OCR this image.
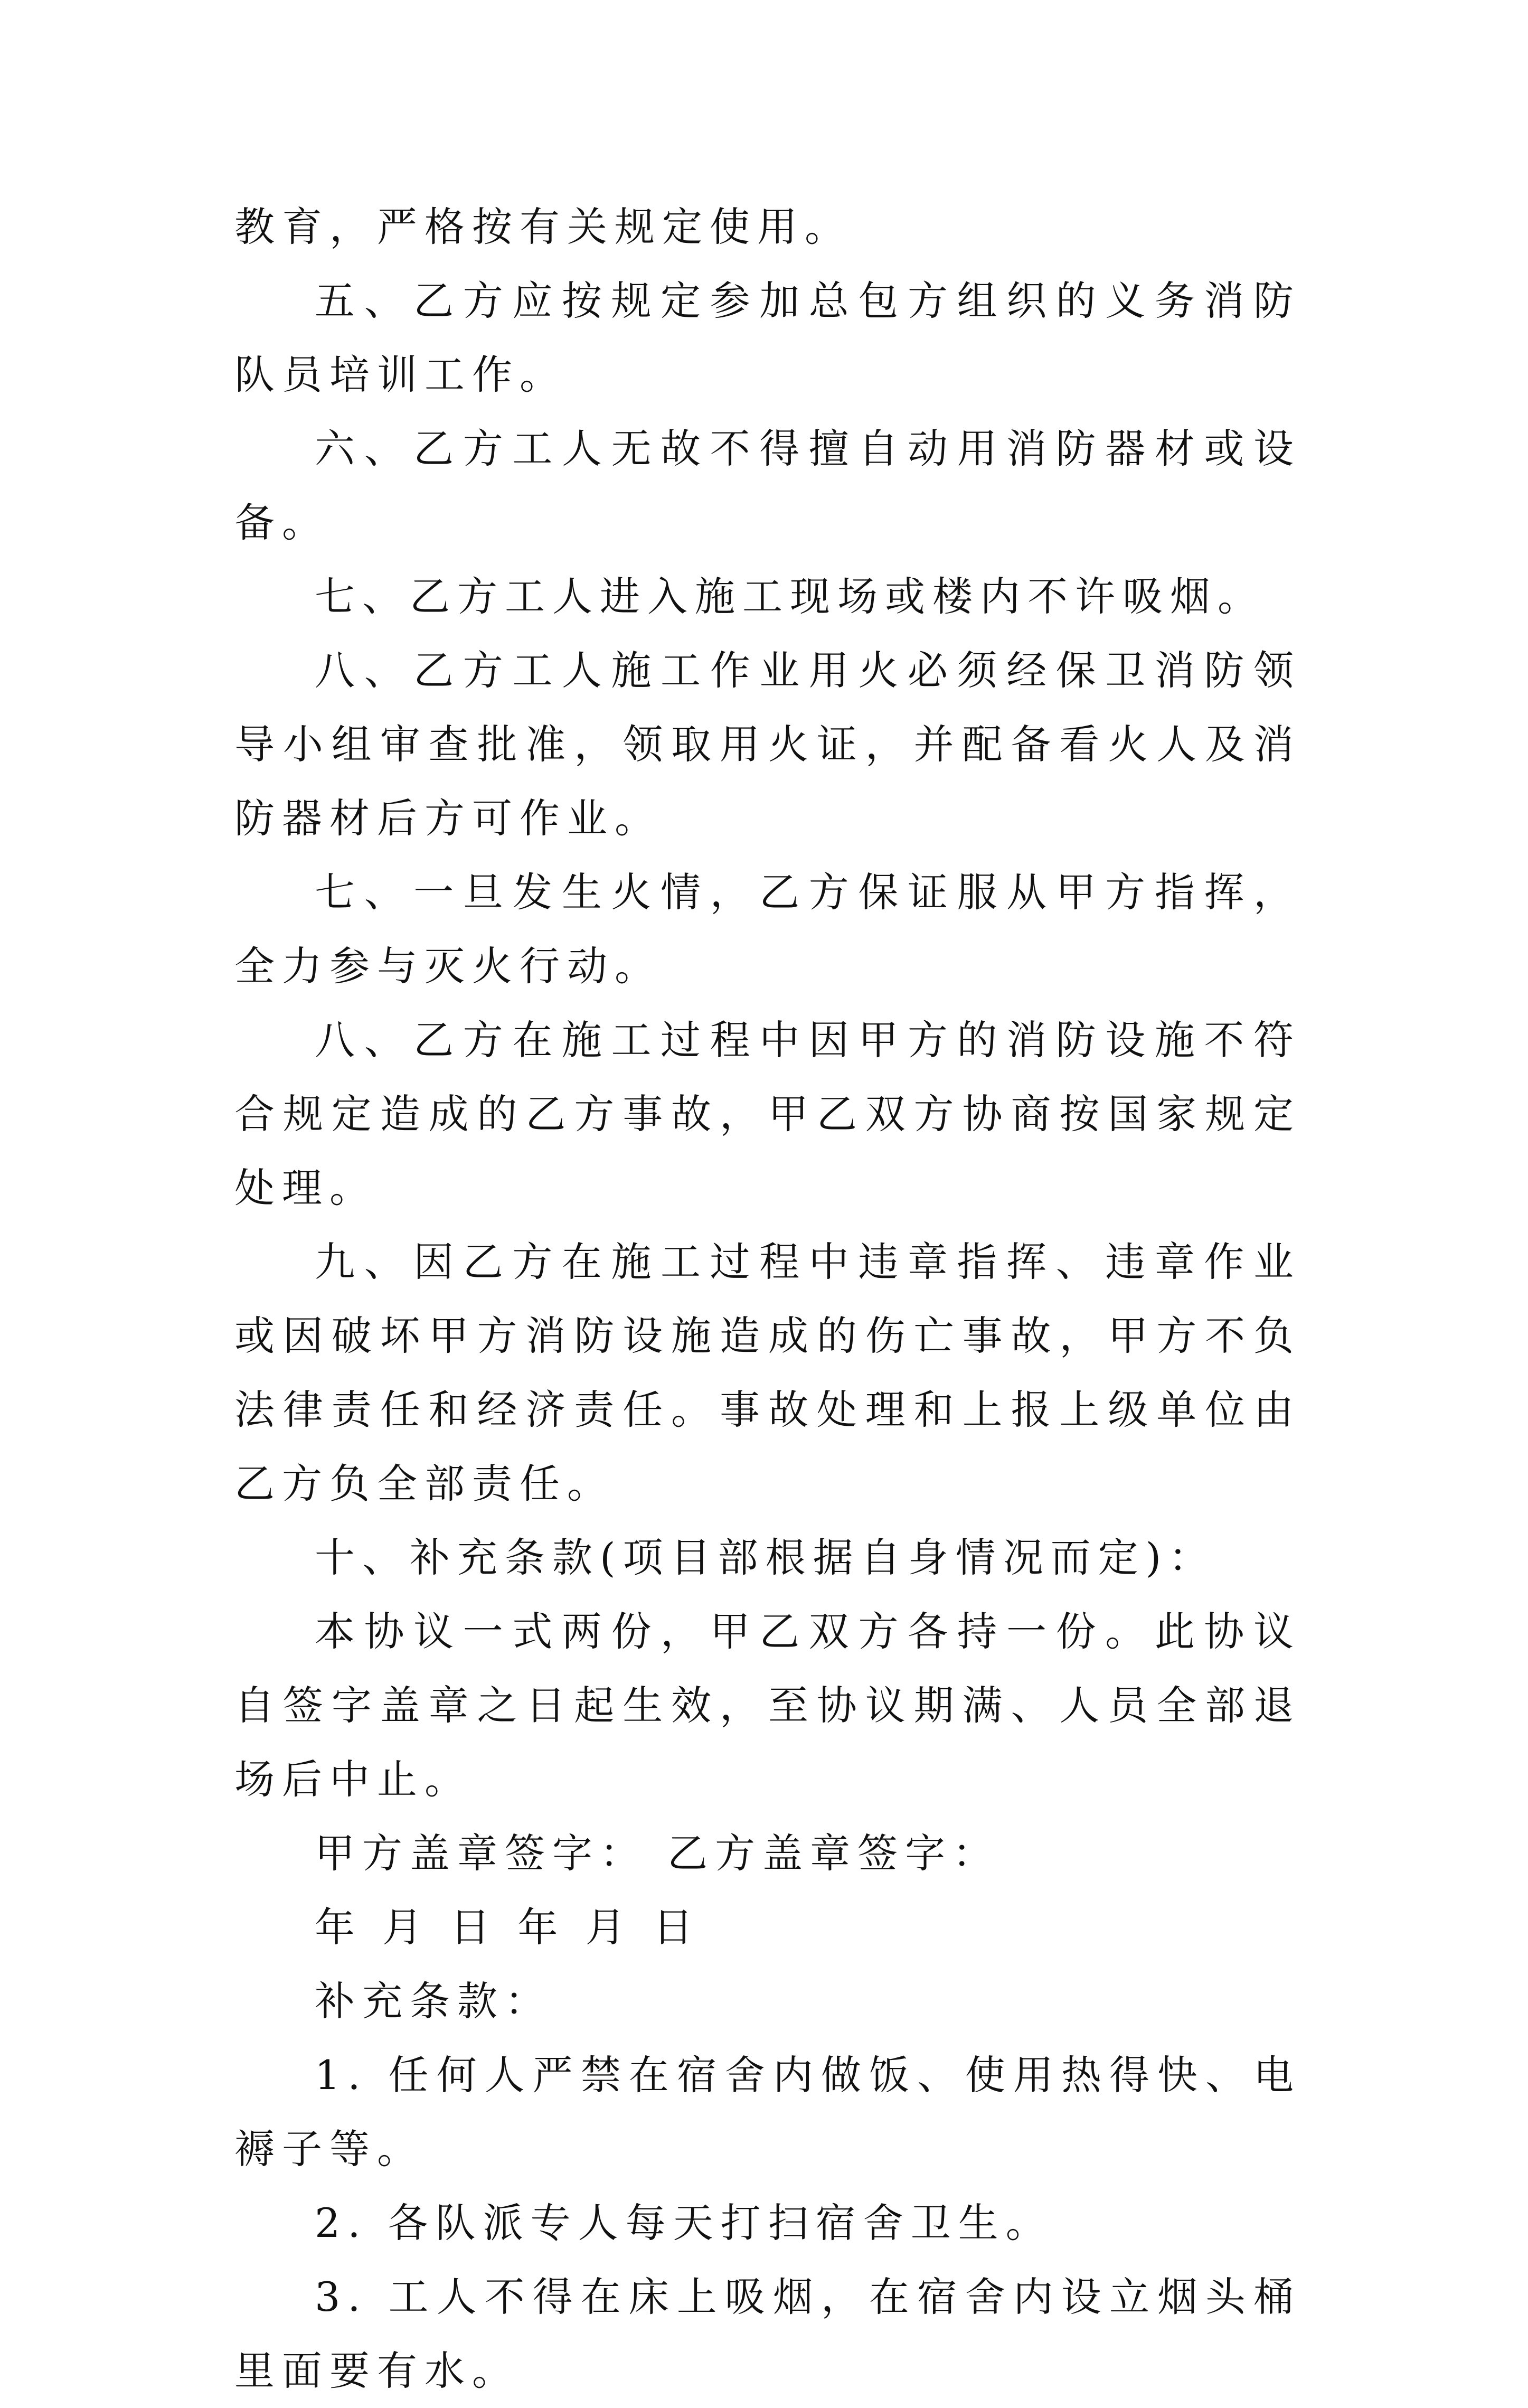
教育，严格按有关规定使用。

五、乙方应按规定参加总包方组织的义务消防队员培训工作。

六、乙方工人无故不得擅自动用消防器材或设备。

七、乙方工人进入施工现场或楼内不许吸烟。

八、乙方工人施工作业用火必须经保卫消防领导小组审查批准，领取用火证，并配备看火人及消防器材后方可作业。

七、一旦发生火情，乙方保证服从甲方指挥，全力参与灭火行动。

八、乙方在施工过程中因甲方的消防设施不符合规定造成的乙方事故，甲乙双方协商按国家规定处理。

九、因乙方在施工过程中违章指挥、违章作业或因破坏甲方消防设施造成的伤亡事故，甲方不负法律责任和经济责任。事故处理和上报上级单位由乙方负全部责任。

十、补充条款(项目部根据自身情况而定)：

本协议一式两份，甲乙双方各持一份。此协议自签字盖章之日起生效，至协议期满、人员全部退场后中止。

甲方盖章签字： 乙方盖章签字：

年 月 日 年 月 日

补充条款：

1. 任何人严禁在宿舍内做饭、使用热得快、电褥子等。

2. 各队派专人每天打扫宿舍卫生。

3. 工人不得在床上吸烟，在宿舍内设立烟头桶里面要有水。
